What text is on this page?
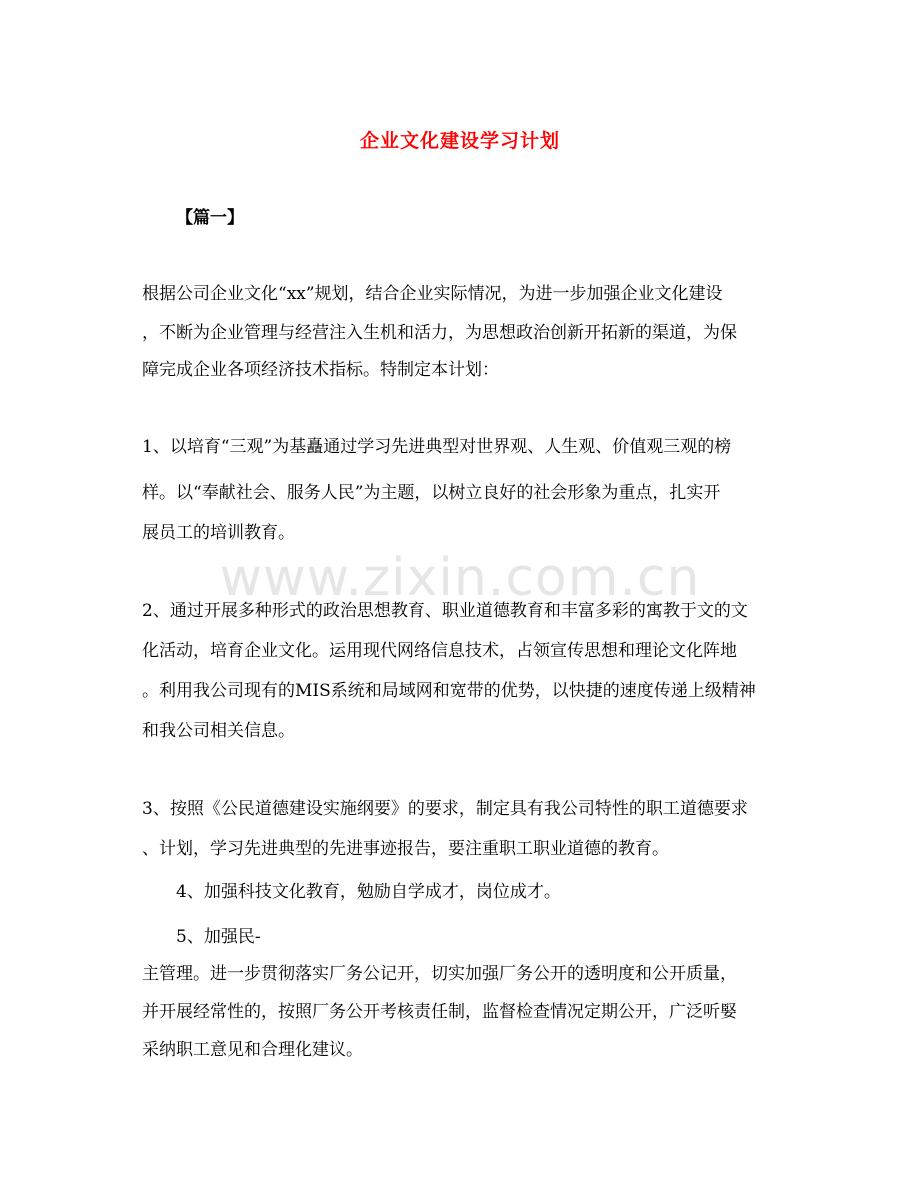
www.zixin.com.cn
企业文化建设学习计划
【篇一】
根据公司企业文化“xx”规划，结合企业实际情况，为进一步加强企业文化建设
，不断为企业管理与经营注入生机和活力，为思想政治创新开拓新的渠道，为保
障完成企业各项经济技术指标。特制定本计划：
1、以培育“三观”为基矗通过学习先进典型对世界观、人生观、价值观三观的榜
样。以“奉献社会、服务人民”为主题，以树立良好的社会形象为重点，扎实开
展员工的培训教育。
2、通过开展多种形式的政治思想教育、职业道德教育和丰富多彩的寓教于文的文
化活动，培育企业文化。运用现代网络信息技术，占领宣传思想和理论文化阵地
。利用我公司现有的MIS系统和局域网和宽带的优势，以快捷的速度传递上级精神
和我公司相关信息。
3、按照《公民道德建设实施纲要》的要求，制定具有我公司特性的职工道德要求
、计划，学习先进典型的先进事迹报告，要注重职工职业道德的教育。
4、加强科技文化教育，勉励自学成才，岗位成才。
5、加强民-
主管理。进一步贯彻落实厂务公记开，切实加强厂务公开的透明度和公开质量，
并开展经常性的，按照厂务公开考核责任制，监督检查情况定期公开，广泛听婜
采纳职工意见和合理化建议。
